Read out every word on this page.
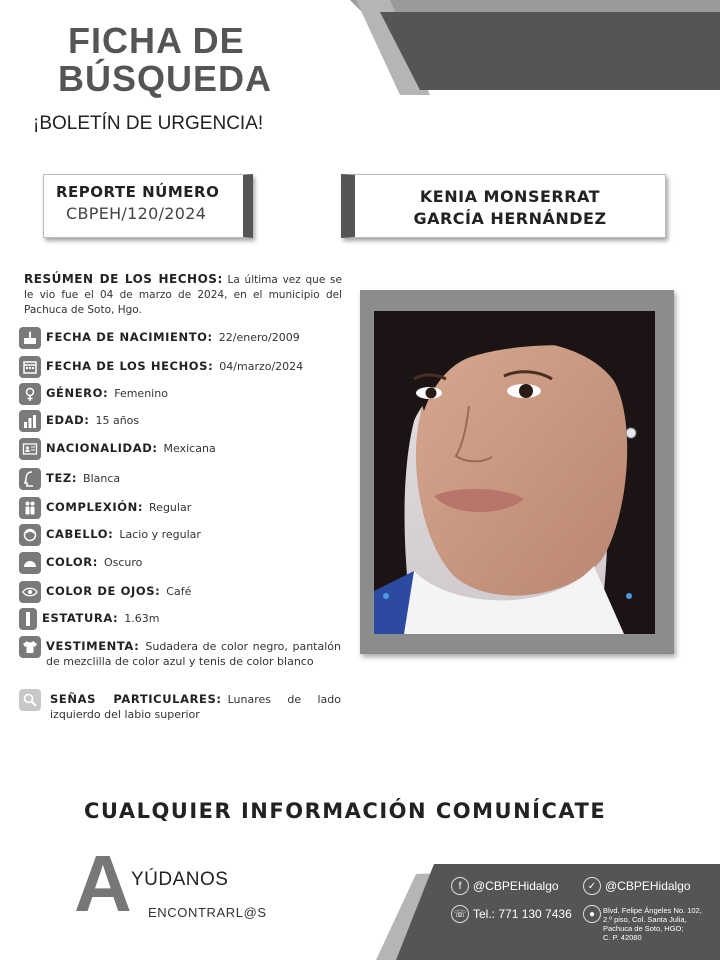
FICHA DE
BÚSQUEDA
¡BOLETÍN DE URGENCIA!
REPORTE NÚMERO
CBPEH/120/2024
KENIA MONSERRAT
GARCÍA HERNÁNDEZ
RESÚMEN DE LOS HECHOS: La última vez que se le vio fue el 04 de marzo de 2024, en el municipio del Pachuca de Soto, Hgo.
FECHA DE NACIMIENTO: 22/enero/2009
FECHA DE LOS HECHOS: 04/marzo/2024
GÉNERO: Femenino
EDAD: 15 años
NACIONALIDAD: Mexicana
TEZ: Blanca
COMPLEXIÓN: Regular
CABELLO: Lacio y regular
COLOR: Oscuro
COLOR DE OJOS: Café
ESTATURA: 1.63m
VESTIMENTA: Sudadera de color negro, pantalón de mezclilla de color azul y tenis de color blanco
SEÑAS PARTICULARES: Lunares de lado izquierdo del labio superior
CUALQUIER INFORMACIÓN COMUNÍCATE
A YÚDANOS
ENCONTRARL@S
f @CBPEHidalgo	✓ @CBPEHidalgo
☏ Tel.: 771 130 7436	●	Blvd. Felipe Ángeles No. 102,
2.º piso, Col. Santa Julia,
Pachuca de Soto, HGO;
C. P. 42080
